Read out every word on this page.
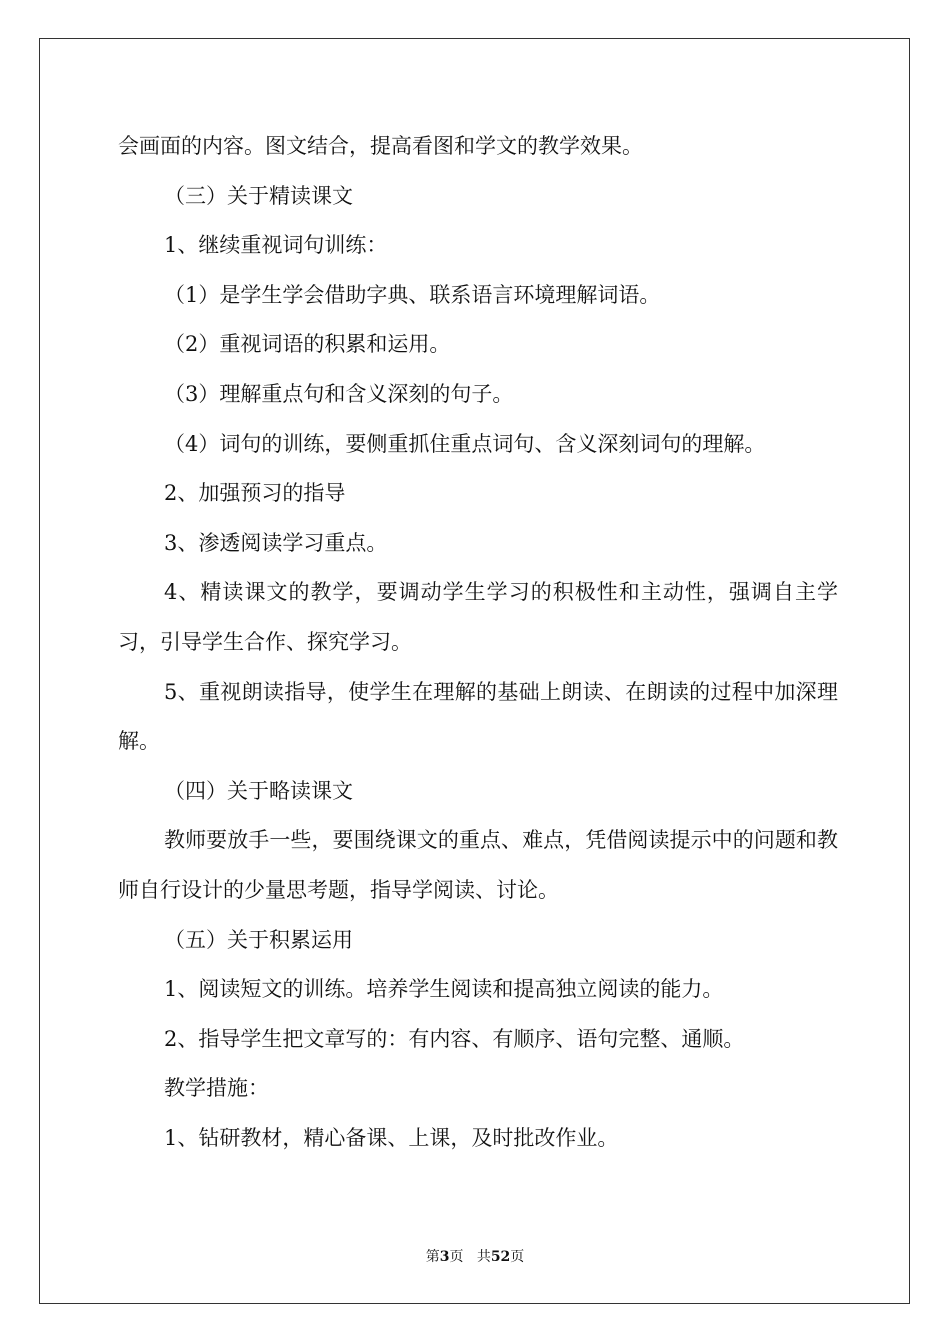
会画面的内容。图文结合，提高看图和学文的教学效果。

（三）关于精读课文

1、继续重视词句训练：

（1）是学生学会借助字典、联系语言环境理解词语。

（2）重视词语的积累和运用。

（3）理解重点句和含义深刻的句子。

（4）词句的训练，要侧重抓住重点词句、含义深刻词句的理解。

2、加强预习的指导

3、渗透阅读学习重点。

4、精读课文的教学，要调动学生学习的积极性和主动性，强调自主学习，引导学生合作、探究学习。

5、重视朗读指导，使学生在理解的基础上朗读、在朗读的过程中加深理解。

（四）关于略读课文

教师要放手一些，要围绕课文的重点、难点，凭借阅读提示中的问题和教师自行设计的少量思考题，指导学阅读、讨论。

（五）关于积累运用

1、阅读短文的训练。培养学生阅读和提高独立阅读的能力。

2、指导学生把文章写的：有内容、有顺序、语句完整、通顺。

教学措施：

1、钻研教材，精心备课、上课，及时批改作业。

第3页 共52页
